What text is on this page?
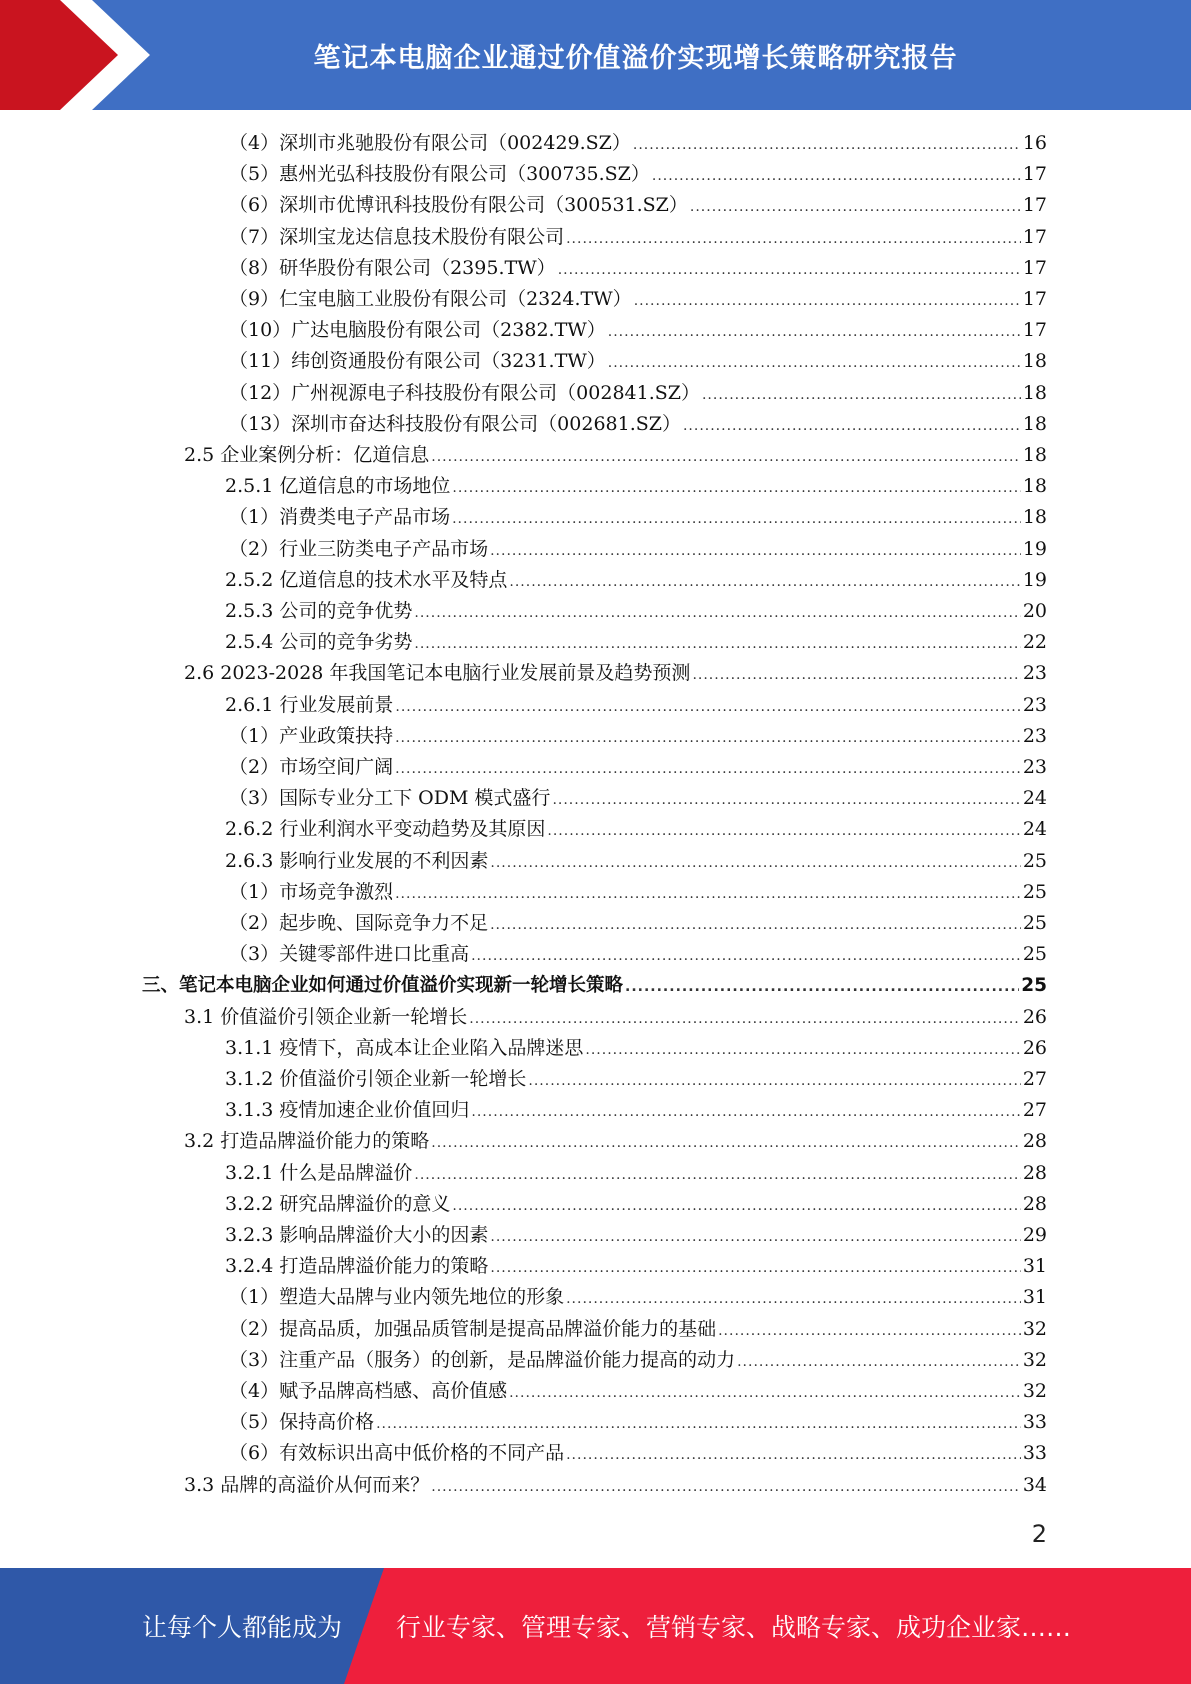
笔记本电脑企业通过价值溢价实现增长策略研究报告
（4）深圳市兆驰股份有限公司（002429.SZ） .....	16
（5）惠州光弘科技股份有限公司（300735.SZ） .....	17
（6）深圳市优博讯科技股份有限公司（300531.SZ） .....	17
（7）深圳宝龙达信息技术股份有限公司 .....	17
（8）研华股份有限公司（2395.TW） .....	17
（9）仁宝电脑工业股份有限公司（2324.TW） .....	17
（10）广达电脑股份有限公司（2382.TW） .....	17
（11）纬创资通股份有限公司（3231.TW） .....	18
（12）广州视源电子科技股份有限公司（002841.SZ） .....	18
（13）深圳市奋达科技股份有限公司（002681.SZ） .....	18
2.5 企业案例分析：亿道信息 .....	18
2.5.1 亿道信息的市场地位 .....	18
（1）消费类电子产品市场 .....	18
（2）行业三防类电子产品市场 .....	19
2.5.2 亿道信息的技术水平及特点 .....	19
2.5.3 公司的竞争优势 .....	20
2.5.4 公司的竞争劣势 .....	22
2.6 2023-2028 年我国笔记本电脑行业发展前景及趋势预测 .....	23
2.6.1 行业发展前景 .....	23
（1）产业政策扶持 .....	23
（2）市场空间广阔 .....	23
（3）国际专业分工下 ODM 模式盛行 .....	24
2.6.2 行业利润水平变动趋势及其原因 .....	24
2.6.3 影响行业发展的不利因素 .....	25
（1）市场竞争激烈 .....	25
（2）起步晚、国际竞争力不足 .....	25
（3）关键零部件进口比重高 .....	25
三、笔记本电脑企业如何通过价值溢价实现新一轮增长策略 .....	25
3.1 价值溢价引领企业新一轮增长 .....	26
3.1.1 疫情下，高成本让企业陷入品牌迷思 .....	26
3.1.2 价值溢价引领企业新一轮增长 .....	27
3.1.3 疫情加速企业价值回归 .....	27
3.2 打造品牌溢价能力的策略 .....	28
3.2.1 什么是品牌溢价 .....	28
3.2.2 研究品牌溢价的意义 .....	28
3.2.3 影响品牌溢价大小的因素 .....	29
3.2.4 打造品牌溢价能力的策略 .....	31
（1）塑造大品牌与业内领先地位的形象 .....	31
（2）提高品质，加强品质管制是提高品牌溢价能力的基础 .....	32
（3）注重产品（服务）的创新，是品牌溢价能力提高的动力 .....	32
（4）赋予品牌高档感、高价值感 .....	32
（5）保持高价格 .....	33
（6）有效标识出高中低价格的不同产品 .....	33
3.3 品牌的高溢价从何而来？ .....	34
2
让每个人都能成为 行业专家、管理专家、营销专家、战略专家、成功企业家……
